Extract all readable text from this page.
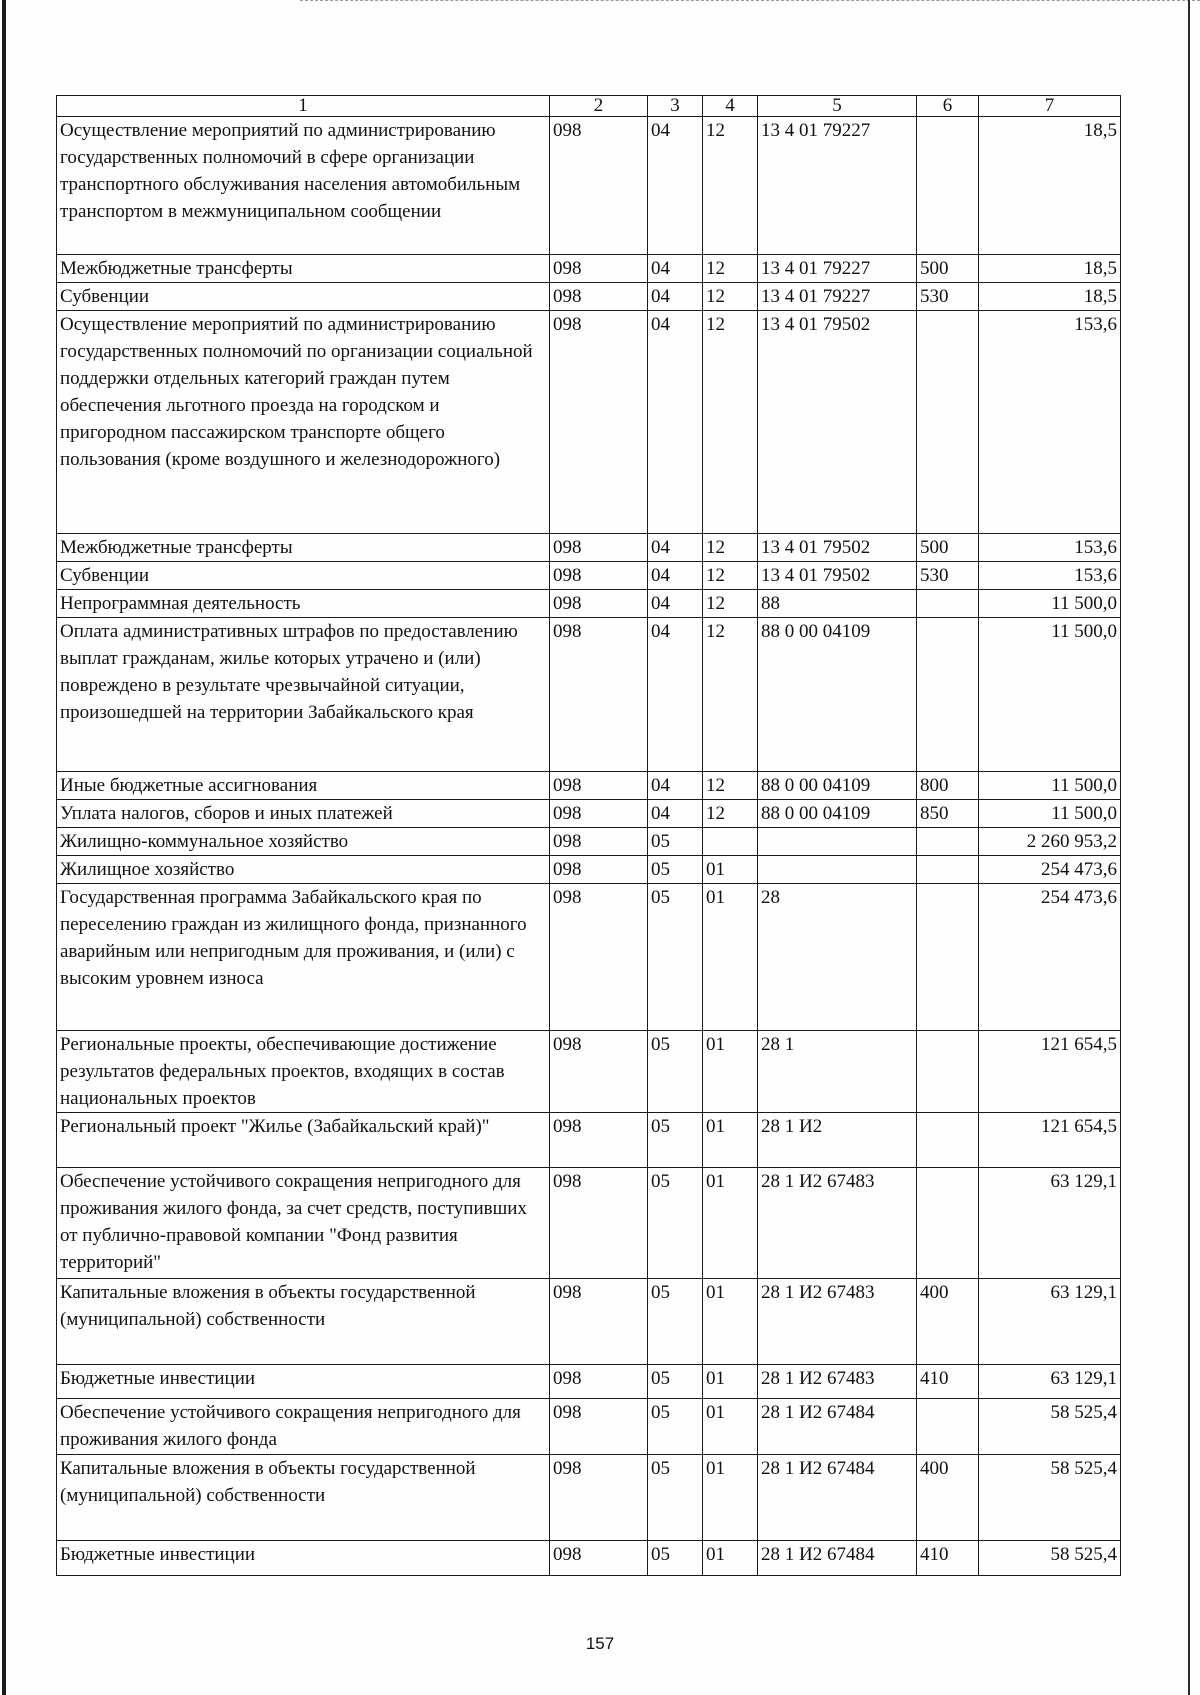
1	2	3	4	5	6	7
Осуществление мероприятий по администрированию государственных полномочий в сфере организации транспортного обслуживания населения автомобильным транспортом в межмуниципальном сообщении	098	04	12	13 4 01 79227		18,5
Межбюджетные трансферты	098	04	12	13 4 01 79227	500	18,5
Субвенции	098	04	12	13 4 01 79227	530	18,5
Осуществление мероприятий по администрированию государственных полномочий по организации социальной поддержки отдельных категорий граждан путем обеспечения льготного проезда на городском и пригородном пассажирском транспорте общего пользования (кроме воздушного и железнодорожного)	098	04	12	13 4 01 79502		153,6
Межбюджетные трансферты	098	04	12	13 4 01 79502	500	153,6
Субвенции	098	04	12	13 4 01 79502	530	153,6
Непрограммная деятельность	098	04	12	88		11 500,0
Оплата административных штрафов по предоставлению выплат гражданам, жилье которых утрачено и (или) повреждено в результате чрезвычайной ситуации, произошедшей на территории Забайкальского края	098	04	12	88 0 00 04109		11 500,0
Иные бюджетные ассигнования	098	04	12	88 0 00 04109	800	11 500,0
Уплата налогов, сборов и иных платежей	098	04	12	88 0 00 04109	850	11 500,0
Жилищно-коммунальное хозяйство	098	05				2 260 953,2
Жилищное хозяйство	098	05	01			254 473,6
Государственная программа Забайкальского края по переселению граждан из жилищного фонда, признанного аварийным или непригодным для проживания, и (или) с высоким уровнем износа	098	05	01	28		254 473,6
Региональные проекты, обеспечивающие достижение результатов федеральных проектов, входящих в состав национальных проектов	098	05	01	28 1		121 654,5
Региональный проект "Жилье (Забайкальский край)"	098	05	01	28 1 И2		121 654,5
Обеспечение устойчивого сокращения непригодного для проживания жилого фонда, за счет средств, поступивших от публично-правовой компании "Фонд развития территорий"	098	05	01	28 1 И2 67483		63 129,1
Капитальные вложения в объекты государственной (муниципальной) собственности	098	05	01	28 1 И2 67483	400	63 129,1
Бюджетные инвестиции	098	05	01	28 1 И2 67483	410	63 129,1
Обеспечение устойчивого сокращения непригодного для проживания жилого фонда	098	05	01	28 1 И2 67484		58 525,4
Капитальные вложения в объекты государственной (муниципальной) собственности	098	05	01	28 1 И2 67484	400	58 525,4
Бюджетные инвестиции	098	05	01	28 1 И2 67484	410	58 525,4
157
